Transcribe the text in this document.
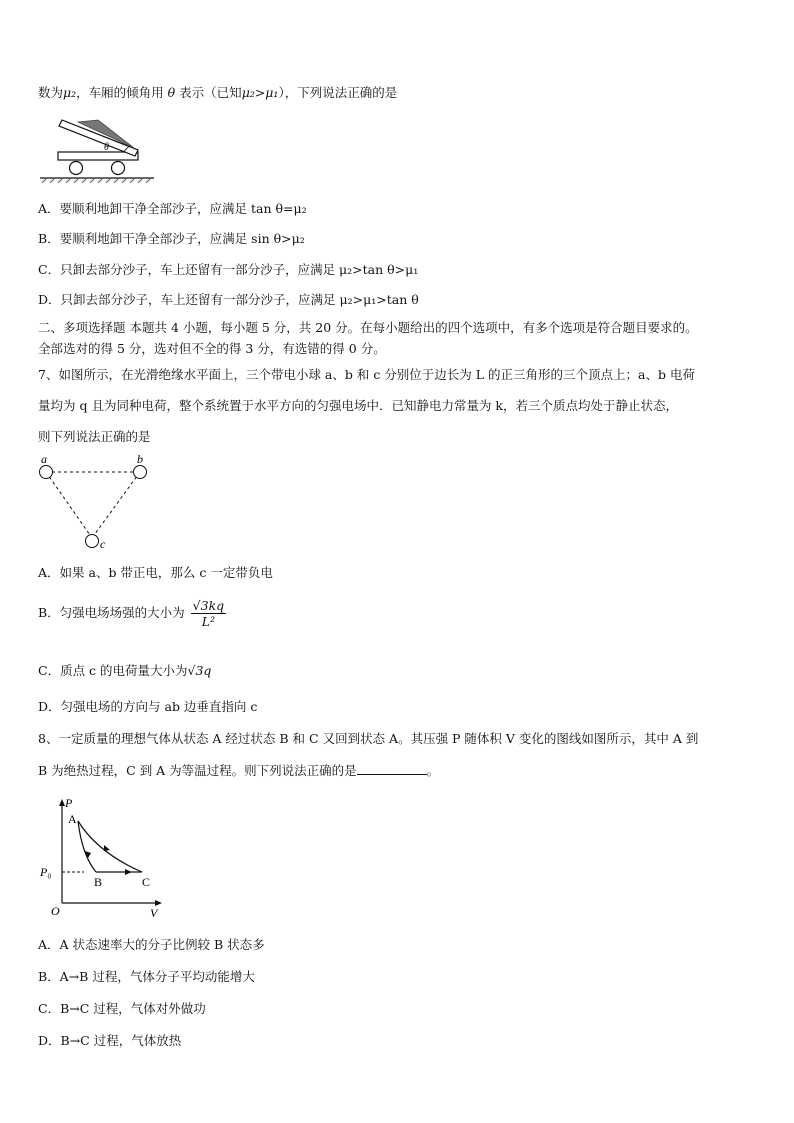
数为μ₂，车厢的倾角用 θ 表示（已知μ₂>μ₁），下列说法正确的是
θ
A．要顺利地卸干净全部沙子，应满足 tan θ=μ₂
B．要顺利地卸干净全部沙子，应满足 sin θ>μ₂
C．只卸去部分沙子，车上还留有一部分沙子，应满足 μ₂>tan θ>μ₁
D．只卸去部分沙子，车上还留有一部分沙子，应满足 μ₂>μ₁>tan θ
二、多项选择题 本题共 4 小题，每小题 5 分，共 20 分。在每小题给出的四个选项中，有多个选项是符合题目要求的。
全部选对的得 5 分，选对但不全的得 3 分，有选错的得 0 分。
7、如图所示，在光滑绝缘水平面上，三个带电小球 a、b 和 c 分别位于边长为 L 的正三角形的三个顶点上；a、b 电荷
量均为 q 且为同种电荷，整个系统置于水平方向的匀强电场中．已知静电力常量为 k，若三个质点均处于静止状态，
则下列说法正确的是
a	b
c
A．如果 a、b 带正电，那么 c 一定带负电
B．匀强电场场强的大小为 $\frac{√3kq}{\text{L²}}$
C．质点 c 的电荷量大小为√3q
D．匀强电场的方向与 ab 边垂直指向 c
8、一定质量的理想气体从状态 A 经过状态 B 和 C 又回到状态 A。其压强 P 随体积 V 变化的图线如图所示，其中 A 到
B 为绝热过程，C 到 A 为等温过程。则下列说法正确的是	。
P
V
O
A
B	C
P₀
A．A 状态速率大的分子比例较 B 状态多
B．A→B 过程，气体分子平均动能增大
C．B→C 过程，气体对外做功
D．B→C 过程，气体放热
